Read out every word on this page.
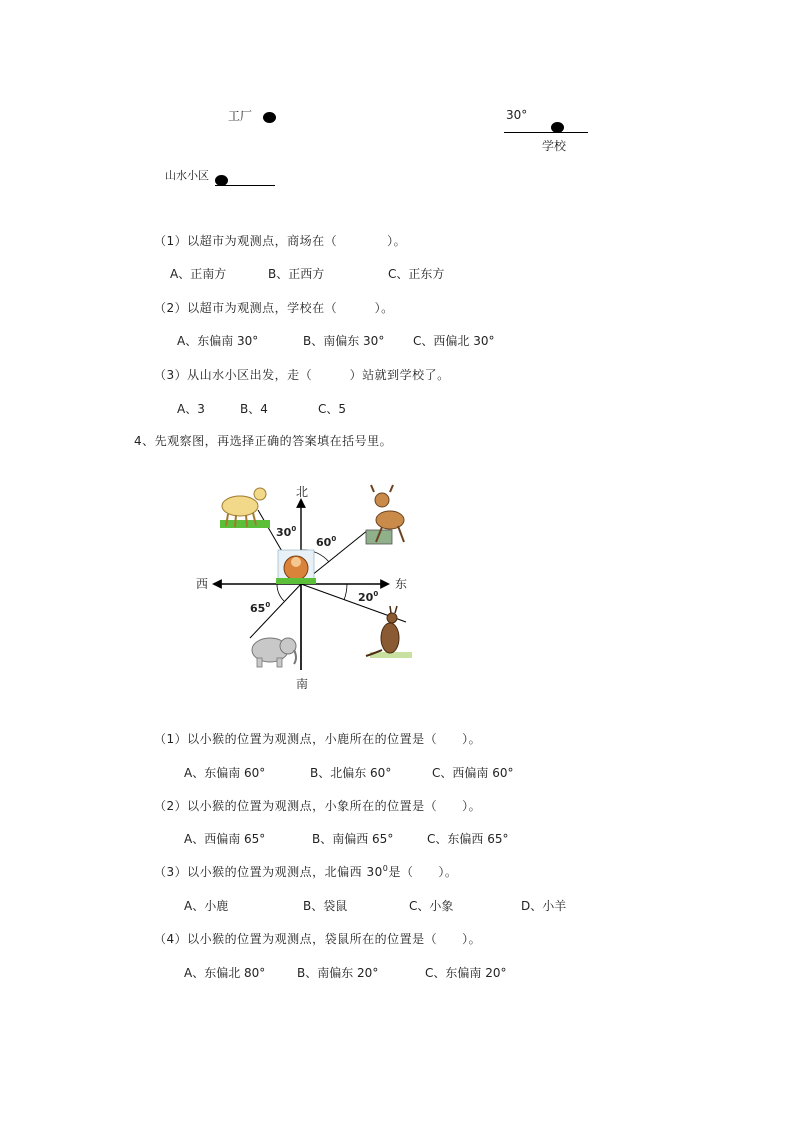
工厂	30°
学校
山水小区
（1）以超市为观测点，商场在（　　　　）。
A、正南方	B、正西方	C、正东方
（2）以超市为观测点，学校在（　　　）。
A、东偏南 30°	B、南偏东 30° C、西偏北 30°
（3）从山水小区出发，走（　　　）站就到学校了。
A、3	B、4	C、5
4、先观察图，再选择正确的答案填在括号里。
北
南
东
西
$30^0$
$60^0$
$65^0$
$20^0$
（1）以小猴的位置为观测点，小鹿所在的位置是（　　）。
A、东偏南 60°	B、北偏东 60°	C、西偏南 60°
（2）以小猴的位置为观测点，小象所在的位置是（　　）。
A、西偏南 65°	B、南偏西 65°	C、东偏西 65°
（3）以小猴的位置为观测点，北偏西 $30^0$是（　　）。
A、小鹿	B、袋鼠	C、小象	D、小羊
（4）以小猴的位置为观测点，袋鼠所在的位置是（　　）。
A、东偏北 80°	B、南偏东 20°	C、东偏南 20°
